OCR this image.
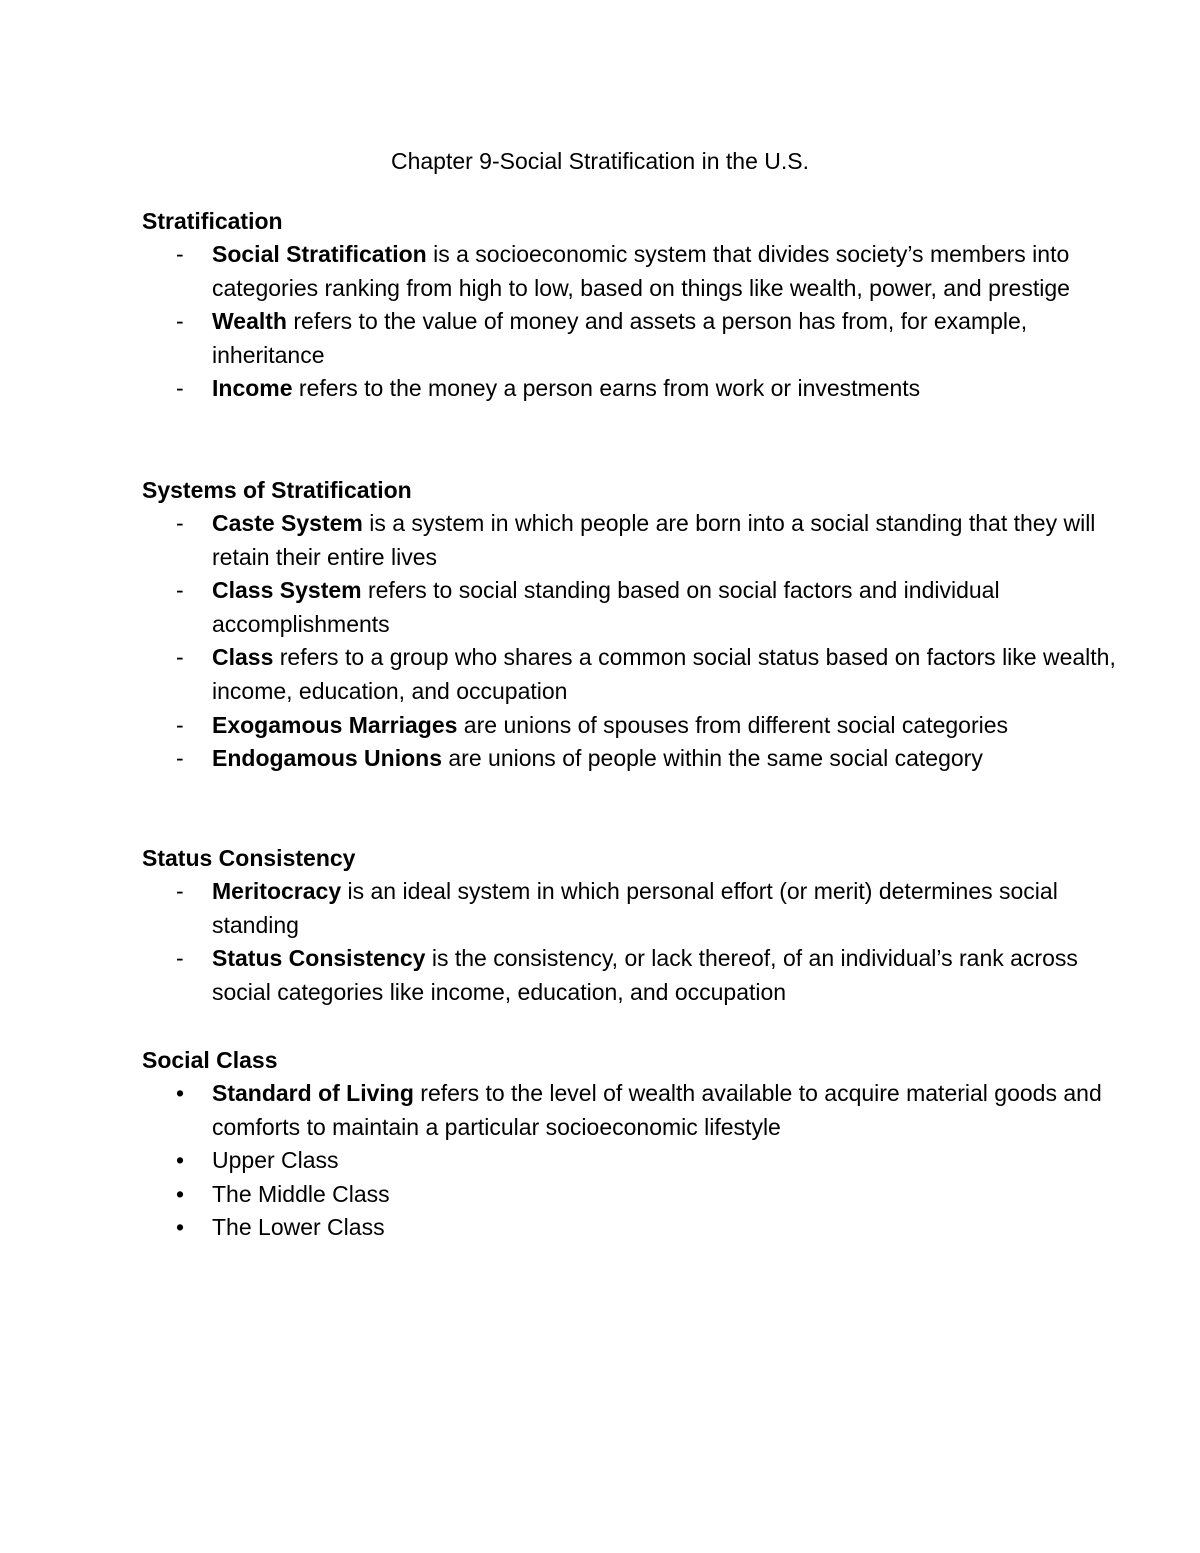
Chapter 9-Social Stratification in the U.S.
Stratification
-	Social Stratification is a socioeconomic system that divides society’s members into categories ranking from high to low, based on things like wealth, power, and prestige
-	Wealth refers to the value of money and assets a person has from, for example, inheritance
-	Income refers to the money a person earns from work or investments
Systems of Stratification
-	Caste System is a system in which people are born into a social standing that they will retain their entire lives
-	Class System refers to social standing based on social factors and individual accomplishments
-	Class refers to a group who shares a common social status based on factors like wealth, income, education, and occupation
-	Exogamous Marriages are unions of spouses from different social categories
-	Endogamous Unions are unions of people within the same social category
Status Consistency
-	Meritocracy is an ideal system in which personal effort (or merit) determines social standing
-	Status Consistency is the consistency, or lack thereof, of an individual’s rank across social categories like income, education, and occupation
Social Class
•	Standard of Living refers to the level of wealth available to acquire material goods and comforts to maintain a particular socioeconomic lifestyle
•	Upper Class
•	The Middle Class
•	The Lower Class
